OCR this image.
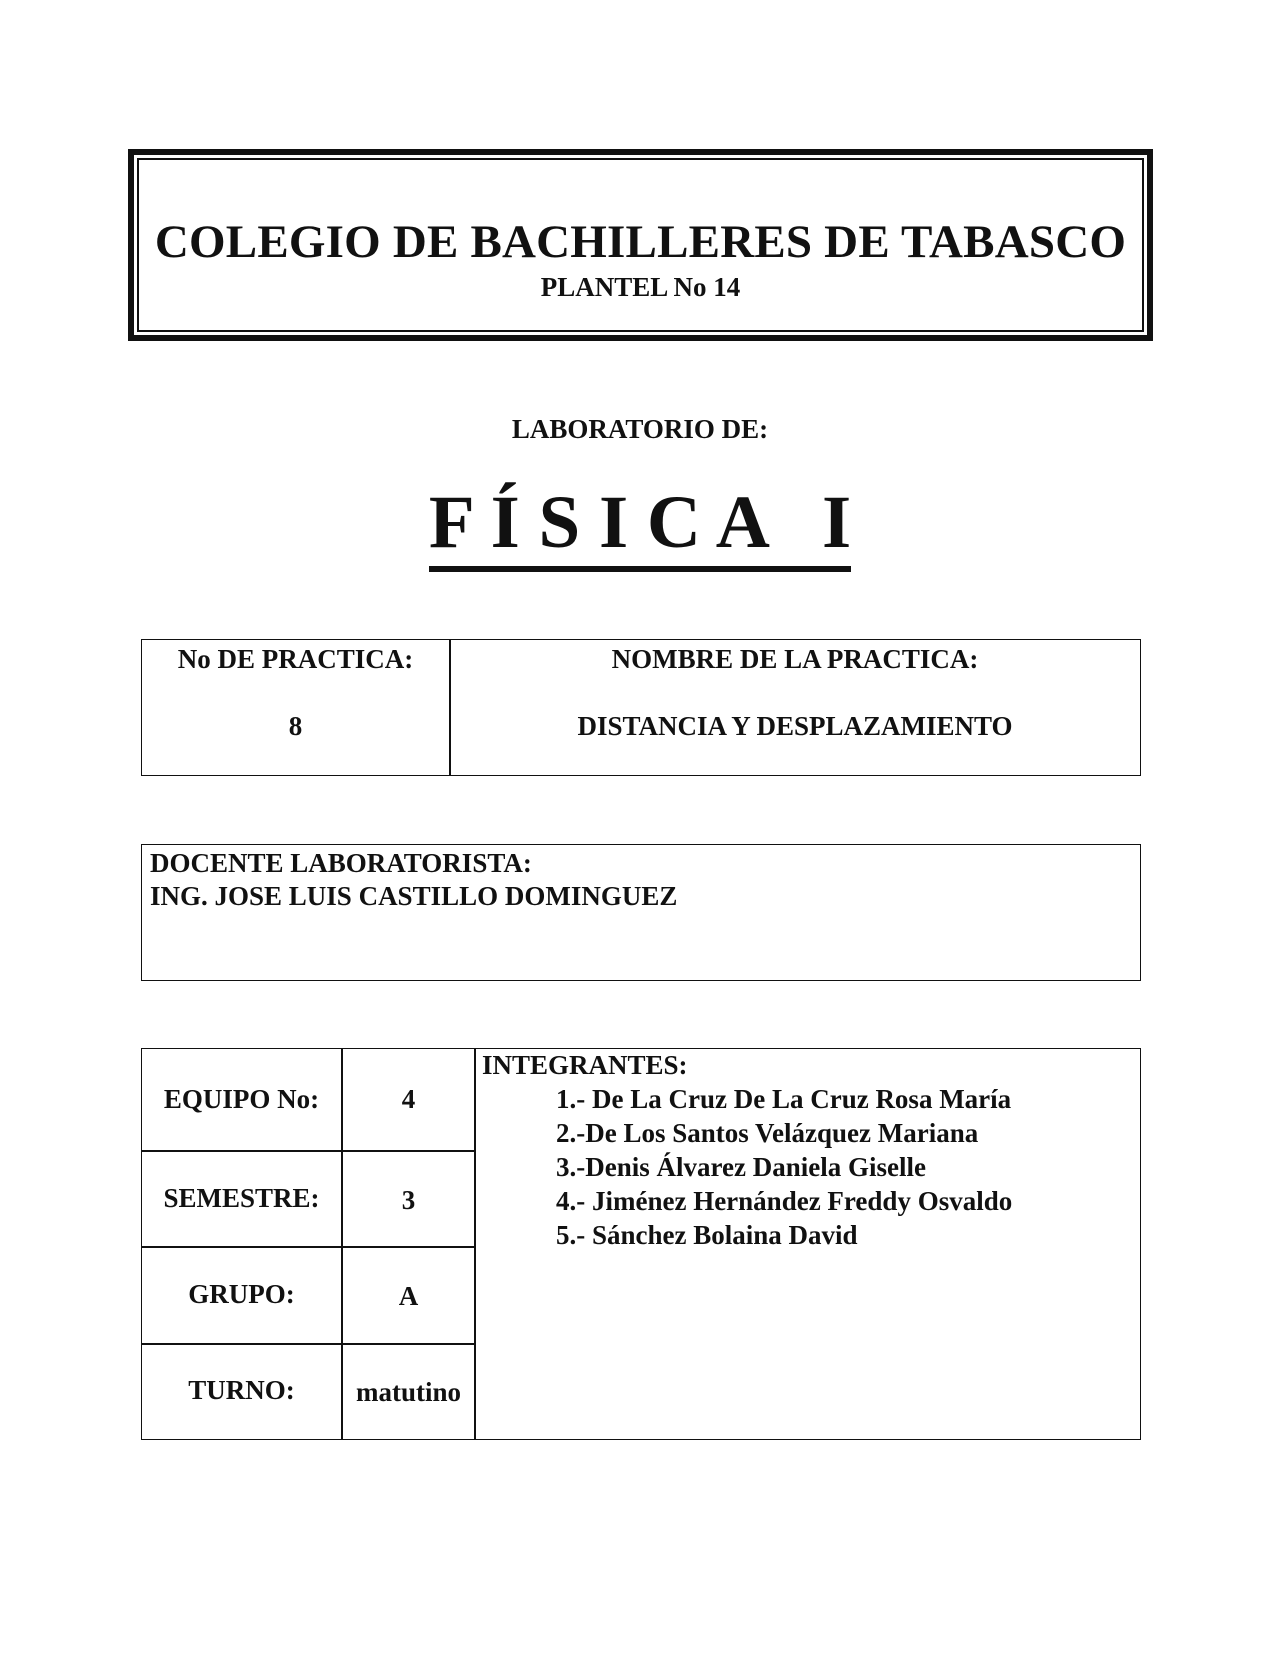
COLEGIO DE BACHILLERES DE TABASCO
PLANTEL No 14
LABORATORIO DE:
F Í S I C A   I
No DE PRACTICA:
8
NOMBRE DE LA PRACTICA:
DISTANCIA Y DESPLAZAMIENTO
DOCENTE LABORATORISTA:
ING. JOSE LUIS CASTILLO DOMINGUEZ
EQUIPO No:	4
SEMESTRE:	3
GRUPO:	A
TURNO:	matutino
INTEGRANTES:
1.- De La Cruz De La Cruz Rosa María
2.-De Los Santos Velázquez Mariana
3.-Denis Álvarez Daniela Giselle
4.- Jiménez Hernández Freddy Osvaldo
5.- Sánchez Bolaina David
